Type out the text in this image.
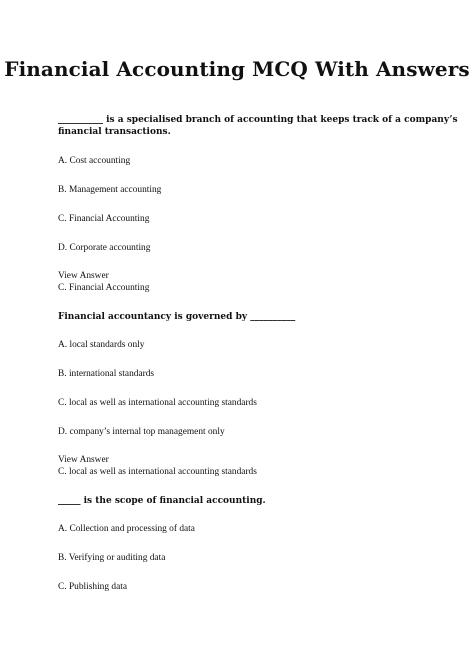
Financial Accounting MCQ With Answers

__________ is a specialised branch of accounting that keeps track of a company’s

financial transactions.

A. Cost accounting

B. Management accounting

C. Financial Accounting

D. Corporate accounting

View Answer

C. Financial Accounting

Financial accountancy is governed by __________

A. local standards only

B. international standards

C. local as well as international accounting standards

D. company’s internal top management only

View Answer

C. local as well as international accounting standards

_____ is the scope of financial accounting.

A. Collection and processing of data

B. Verifying or auditing data

C. Publishing data
